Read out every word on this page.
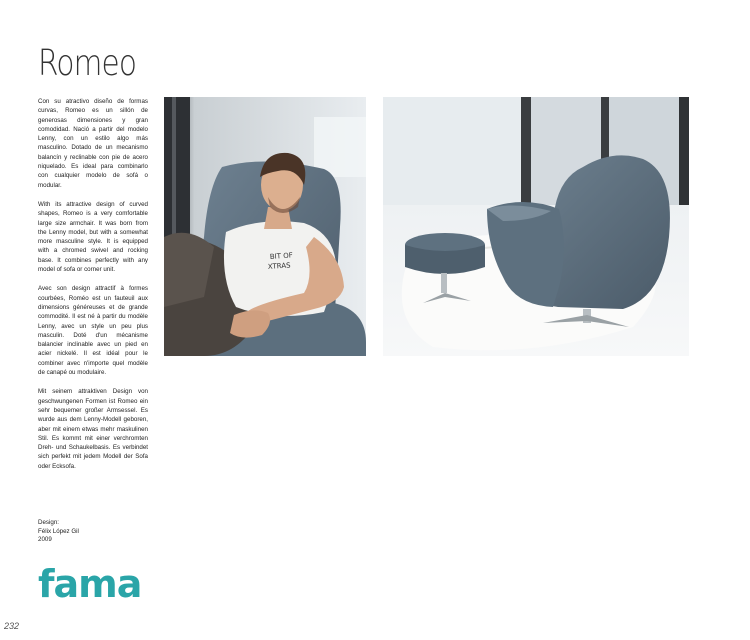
Romeo

Con su atractivo diseño de formas curvas, Romeo es un sillón de generosas dimensiones y gran comodidad. Nació a partir del modelo Lenny, con un estilo algo más masculino. Dotado de un mecanismo balancín y reclinable con pie de acero niquelado. Es ideal para combinarlo con cualquier modelo de sofá o modular.

With its attractive design of curved shapes, Romeo is a very comfortable large size armchair. It was born from the Lenny model, but with a somewhat more masculine style. It is equipped with a chromed swivel and rocking base. It combines perfectly with any model of sofa or corner unit.

Avec son design attractif à formes courbées, Roméo est un fauteuil aux dimensions généreuses et de grande commodité. Il est né à partir du modèle Lenny, avec un style un peu plus masculin. Doté d'un mécanisme balancier inclinable avec un pied en acier nickelé. Il est idéal pour le combiner avec n'importe quel modèle de canapé ou modulaire.

Mit seinem attraktiven Design von geschwungenen Formen ist Romeo ein sehr bequemer großer Armsessel. Es wurde aus dem Lenny-Modell geboren, aber mit einem etwas mehr maskulinen Stil. Es kommt mit einer verchromten Dreh- und Schaukelbasis. Es verbindet sich perfekt mit jedem Modell der Sofa oder Ecksofa.

Design:
Félix López Gil
2009
fama
232
BIT OF
XTRAS
